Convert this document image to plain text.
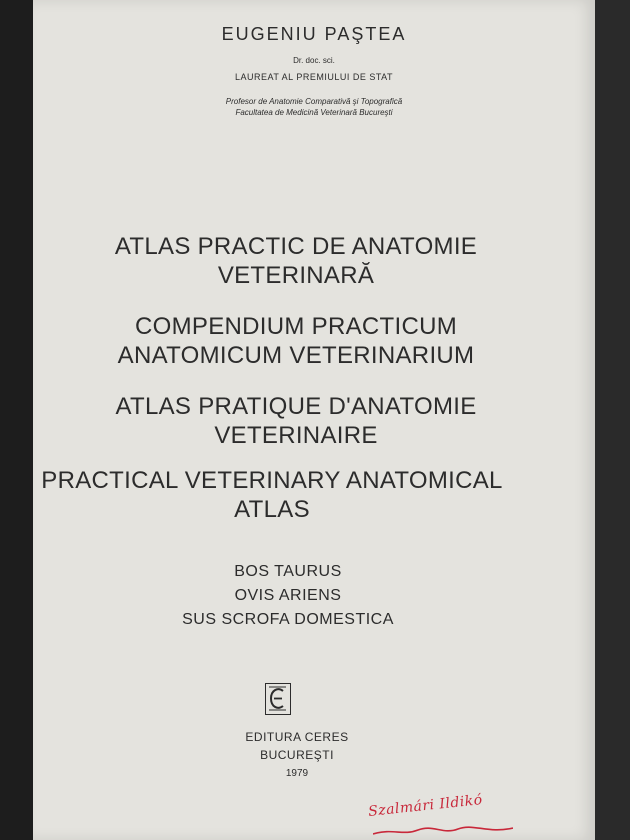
EUGENIU PAŞTEA
Dr. doc. sci.
LAUREAT AL PREMIULUI DE STAT
Profesor de Anatomie Comparativă şi Topografică
Facultatea de Medicină Veterinară Bucureşti
ATLAS PRACTIC DE ANATOMIE
VETERINARĂ
COMPENDIUM PRACTICUM
ANATOMICUM VETERINARIUM
ATLAS PRATIQUE D'ANATOMIE
VETERINAIRE
PRACTICAL VETERINARY ANATOMICAL
ATLAS
BOS TAURUS
OVIS ARIENS
SUS SCROFA DOMESTICA
EDITURA CERES
BUCUREŞTI
1979
Szalmári Ildikó
